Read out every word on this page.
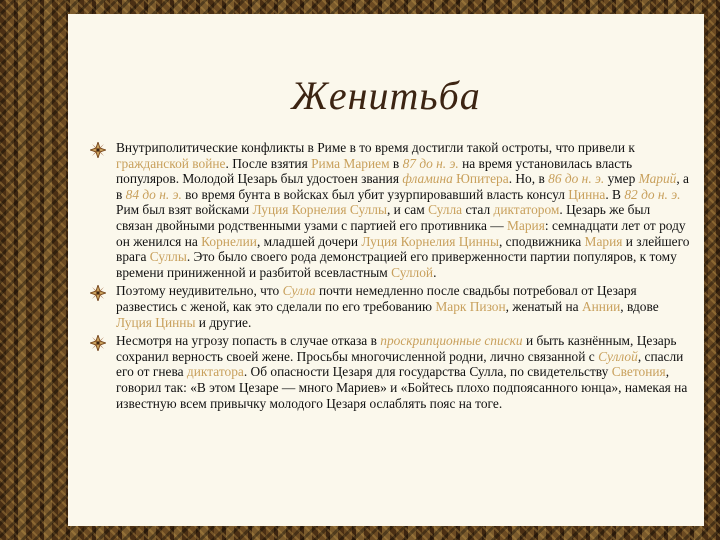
Женитьба
Внутриполитические конфликты в Риме в то время достигли такой остроты, что привели к гражданской войне. После взятия Рима Марием в 87 до н. э. на время установилась власть популяров. Молодой Цезарь был удостоен звания фламина Юпитера. Но, в 86 до н. э. умер Марий, а в 84 до н. э. во время бунта в войсках был убит узурпировавший власть консул Цинна. В 82 до н. э. Рим был взят войсками Луция Корнелия Суллы, и сам Сулла стал диктатором. Цезарь же был связан двойными родственными узами с партией его противника — Мария: семнадцати лет от роду он женился на Корнелии, младшей дочери Луция Корнелия Цинны, сподвижника Мария и злейшего врага Суллы. Это было своего рода демонстрацией его приверженности партии популяров, к тому времени приниженной и разбитой всевластным Суллой.
Поэтому неудивительно, что Сулла почти немедленно после свадьбы потребовал от Цезаря развестись с женой, как это сделали по его требованию Марк Пизон, женатый на Аннии, вдове Луция Цинны и другие.
Несмотря на угрозу попасть в случае отказа в проскрипционные списки и быть казнённым, Цезарь сохранил верность своей жене. Просьбы многочисленной родни, лично связанной с Суллой, спасли его от гнева диктатора. Об опасности Цезаря для государства Сулла, по свидетельству Светония, говорил так: «В этом Цезаре — много Мариев» и «Бойтесь плохо подпоясанного юнца», намекая на известную всем привычку молодого Цезаря ослаблять пояс на тоге.
